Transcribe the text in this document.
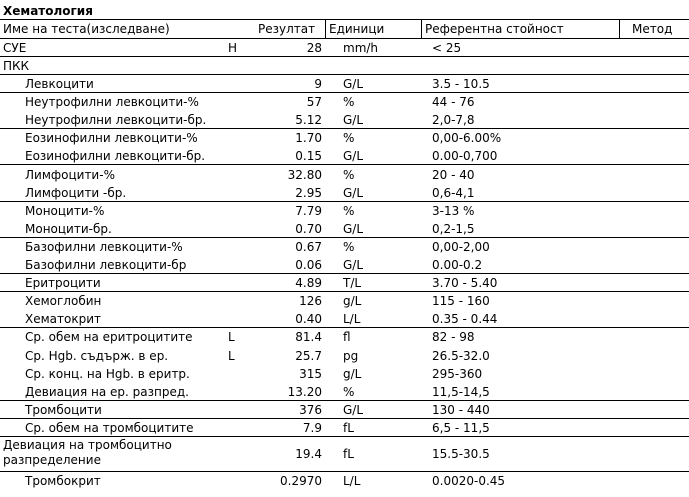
Хематология
Име на теста(изследване)	Резултат Единици	Референтна стойност	Метод
СУЕ	H	28 mm/h	< 25
ПКК
Левкоцити	9 G/L	3.5 - 10.5
Неутрофилни левкоцити-%	57 %	44 - 76
Неутрофилни левкоцити-бр.	5.12 G/L	2,0-7,8
Еозинофилни левкоцити-%	1.70 %	0,00-6.00%
Еозинофилни левкоцити-бр.	0.15 G/L	0.00-0,700
Лимфоцити-%	32.80 %	20 - 40
Лимфоцити -бр.	2.95 G/L	0,6-4,1
Моноцити-%	7.79 %	3-13 %
Моноцити-бр.	0.70 G/L	0,2-1,5
Базофилни левкоцити-%	0.67 %	0,00-2,00
Базофилни левкоцити-бр	0.06 G/L	0.00-0.2
Еритроцити	4.89 T/L	3.70 - 5.40
Хемоглобин	126 g/L	115 - 160
Хематокрит	0.40 L/L	0.35 - 0.44
Ср. обем на еритроцитите	L	81.4 fl	82 - 98
Ср. Hgb. съдърж. в ер.	L	25.7 pg	26.5-32.0
Ср. конц. на Hgb. в еритр.	315 g/L	295-360
Девиация на ер. разпред.	13.20 %	11,5-14,5
Тромбоцити	376 G/L	130 - 440
Ср. обем на тромбоцитите	7.9 fL	6,5 - 11,5
Девиация на тромбоцитно разпределение	19.4 fL	15.5-30.5
Тромбокрит	0.2970 L/L	0.0020-0.45
